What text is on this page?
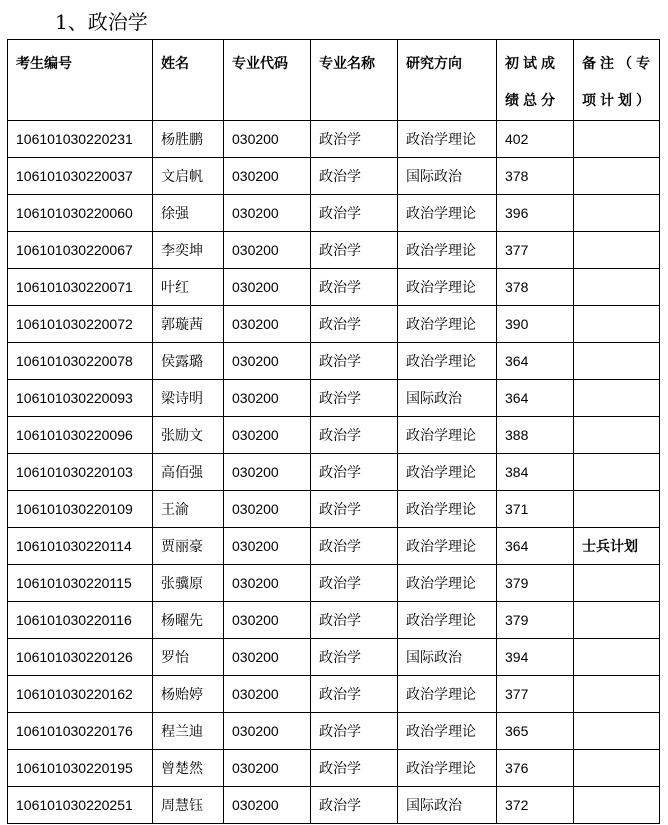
1、政治学
考生编号	姓名	专业代码	专业名称	研究方向	初试成绩总分	备注（专项计划）
106101030220231	杨胜鹏	030200	政治学	政治学理论	402	
106101030220037	文启帆	030200	政治学	国际政治	378	
106101030220060	徐强	030200	政治学	政治学理论	396	
106101030220067	李奕坤	030200	政治学	政治学理论	377	
106101030220071	叶红	030200	政治学	政治学理论	378	
106101030220072	郭璇茜	030200	政治学	政治学理论	390	
106101030220078	侯露璐	030200	政治学	政治学理论	364	
106101030220093	梁诗明	030200	政治学	国际政治	364	
106101030220096	张励文	030200	政治学	政治学理论	388	
106101030220103	高佰强	030200	政治学	政治学理论	384	
106101030220109	王渝	030200	政治学	政治学理论	371	
106101030220114	贾丽豪	030200	政治学	政治学理论	364	士兵计划
106101030220115	张骥原	030200	政治学	政治学理论	379	
106101030220116	杨曜先	030200	政治学	政治学理论	379	
106101030220126	罗怡	030200	政治学	国际政治	394	
106101030220162	杨贻婷	030200	政治学	政治学理论	377	
106101030220176	程兰迪	030200	政治学	政治学理论	365	
106101030220195	曾楚然	030200	政治学	政治学理论	376	
106101030220251	周慧钰	030200	政治学	国际政治	372	
